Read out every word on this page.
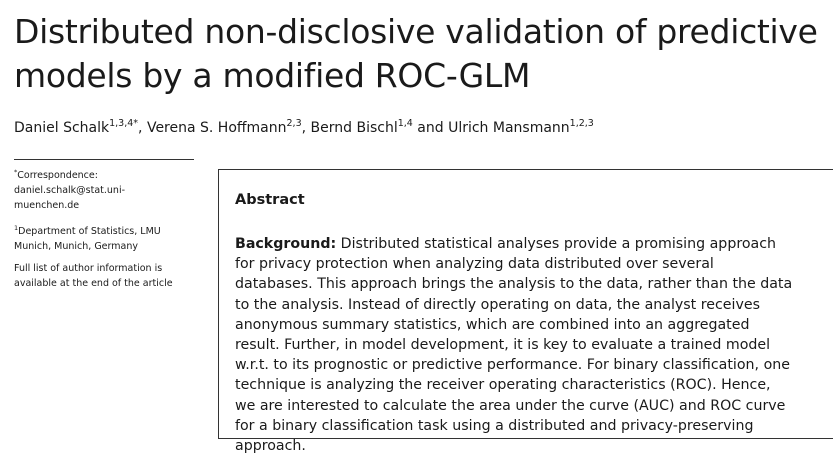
Distributed non-disclosive validation of predictive models by a modified ROC-GLM
Daniel Schalk$^{1,3,4*}$, Verena S. Hoffmann$^{2,3}$, Bernd Bischl$^{1,4}$ and Ulrich Mansmann$^{1,2,3}$
*Correspondence:
daniel.schalk@stat.uni-
muenchen.de
$^1$Department of Statistics, LMU
Munich, Munich, Germany
Full list of author information is
available at the end of the article
Abstract

Background: Distributed statistical analyses provide a promising approach for privacy protection when analyzing data distributed over several databases. This approach brings the analysis to the data, rather than the data to the analysis. Instead of directly operating on data, the analyst receives anonymous summary statistics, which are combined into an aggregated result. Further, in model development, it is key to evaluate a trained model w.r.t. to its prognostic or predictive performance. For binary classification, one technique is analyzing the receiver operating characteristics (ROC). Hence, we are interested to calculate the area under the curve (AUC) and ROC curve for a binary classification task using a distributed and privacy-preserving approach.
